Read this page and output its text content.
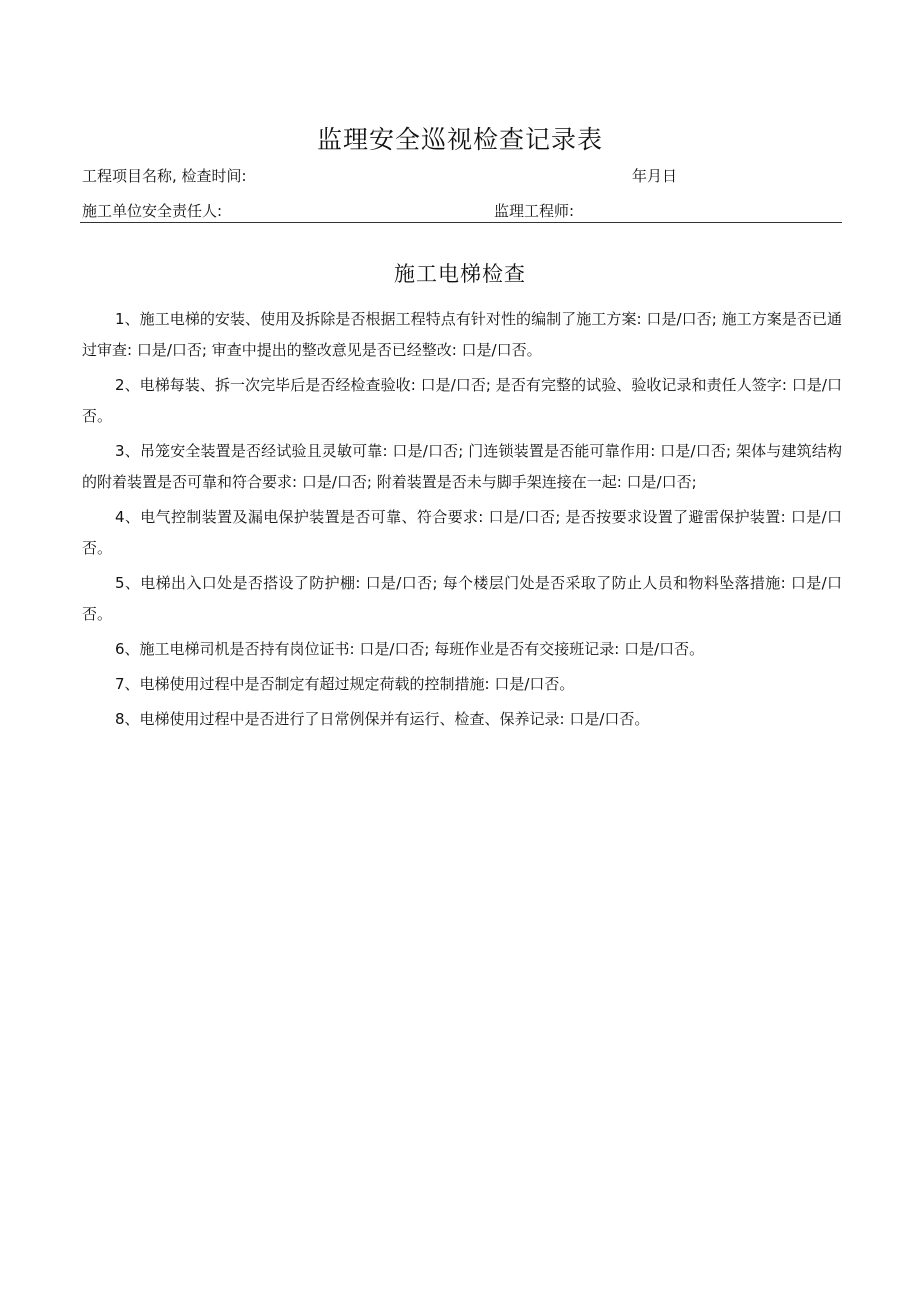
监理安全巡视检查记录表
工程项目名称, 检查时间:	年月日
施工单位安全责任人:	监理工程师:
施工电梯检查

1、施工电梯的安装、使用及拆除是否根据工程特点有针对性的编制了施工方案: 口是/口否; 施工方案是否已通过审查: 口是/口否; 审查中提出的整改意见是否已经整改: 口是/口否。

2、电梯每装、拆一次完毕后是否经检查验收: 口是/口否; 是否有完整的试验、验收记录和责任人签字: 口是/口否。

3、吊笼安全装置是否经试验且灵敏可靠: 口是/口否; 门连锁装置是否能可靠作用: 口是/口否; 架体与建筑结构的附着装置是否可靠和符合要求: 口是/口否; 附着装置是否未与脚手架连接在一起: 口是/口否;

4、电气控制装置及漏电保护装置是否可靠、符合要求: 口是/口否; 是否按要求设置了避雷保护装置: 口是/口否。

5、电梯出入口处是否搭设了防护棚: 口是/口否; 每个楼层门处是否采取了防止人员和物料坠落措施: 口是/口否。

6、施工电梯司机是否持有岗位证书: 口是/口否; 每班作业是否有交接班记录: 口是/口否。

7、电梯使用过程中是否制定有超过规定荷载的控制措施: 口是/口否。

8、电梯使用过程中是否进行了日常例保并有运行、检查、保养记录: 口是/口否。
